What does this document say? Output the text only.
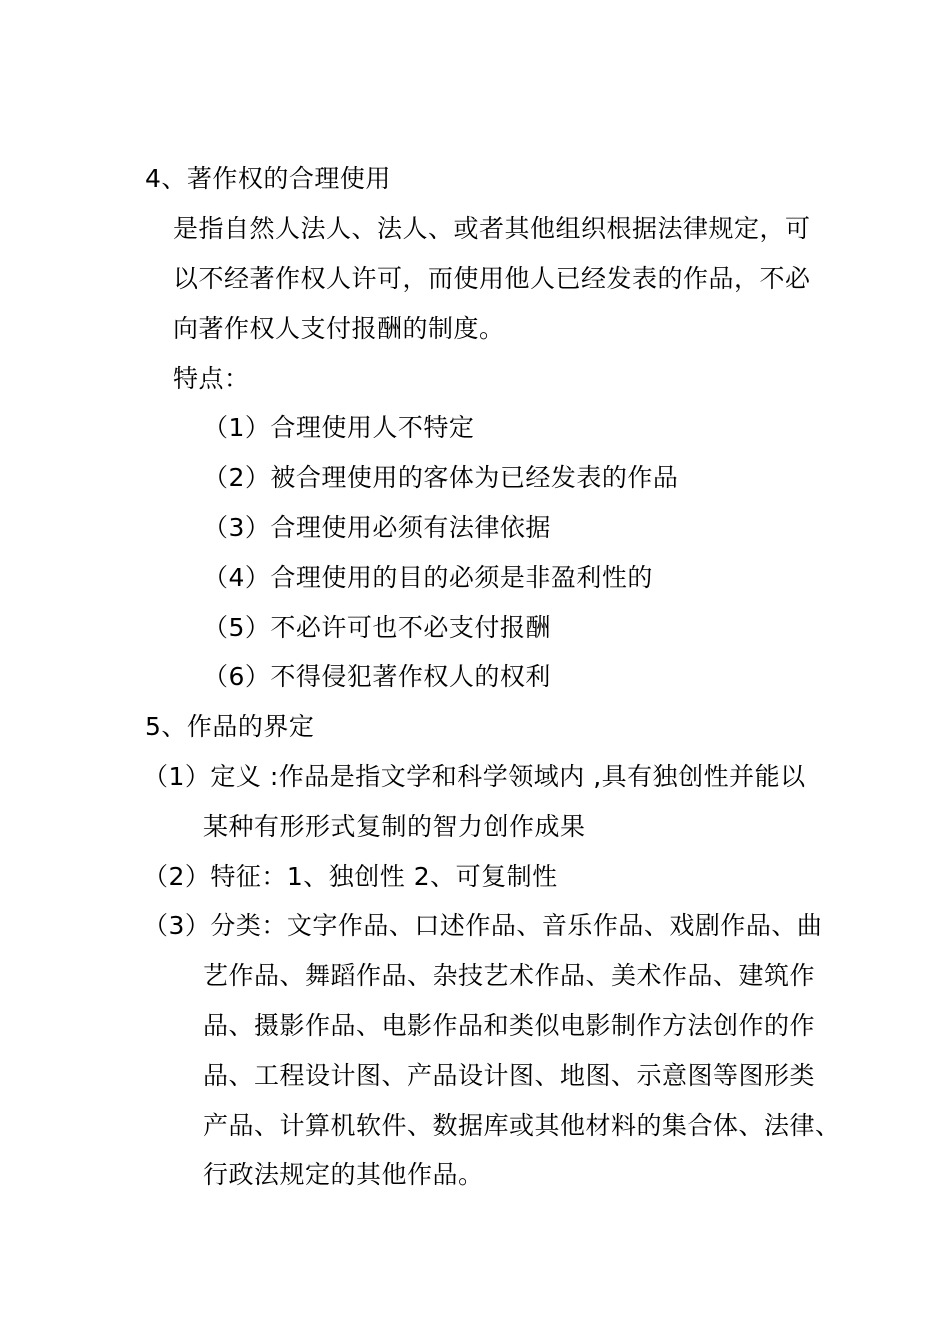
4、著作权的合理使用
是指自然人法人、法人、或者其他组织根据法律规定，可
以不经著作权人许可，而使用他人已经发表的作品，不必
向著作权人支付报酬的制度。
特点：
（1）合理使用人不特定
（2）被合理使用的客体为已经发表的作品
（3）合理使用必须有法律依据
（4）合理使用的目的必须是非盈利性的
（5）不必许可也不必支付报酬
（6）不得侵犯著作权人的权利
5、作品的界定
（1）定义 :作品是指文学和科学领域内 ,具有独创性并能以
某种有形形式复制的智力创作成果
（2）特征：1、独创性 2、可复制性
（3）分类：文字作品、口述作品、音乐作品、戏剧作品、曲
艺作品、舞蹈作品、杂技艺术作品、美术作品、建筑作
品、摄影作品、电影作品和类似电影制作方法创作的作
品、工程设计图、产品设计图、地图、示意图等图形类
产品、计算机软件、数据库或其他材料的集合体、法律、
行政法规定的其他作品。
